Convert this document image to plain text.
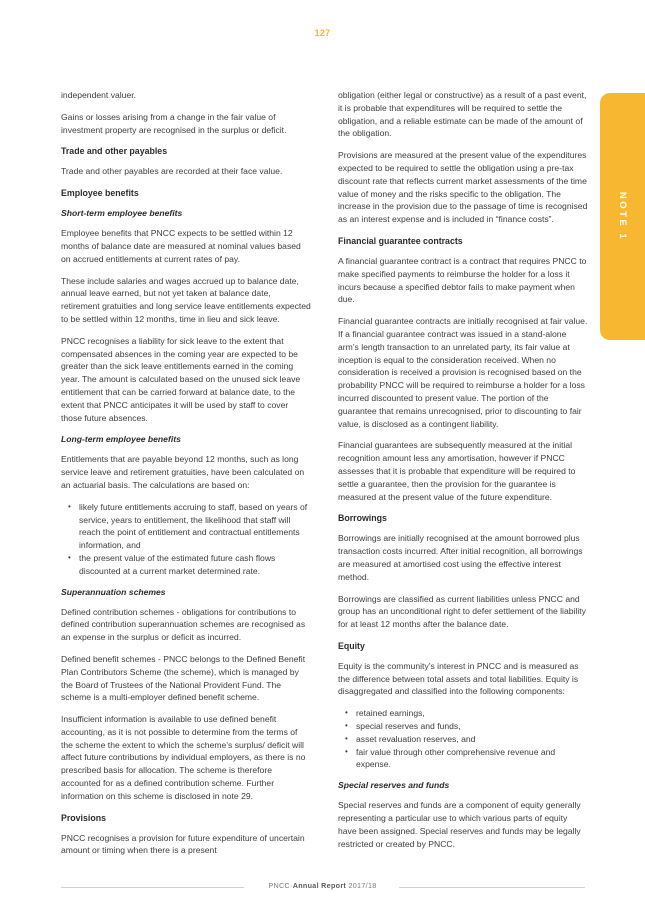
127
NOTE 1

independent valuer.

Gains or losses arising from a change in the fair value of investment property are recognised in the surplus or deficit.

Trade and other payables

Trade and other payables are recorded at their face value.

Employee benefits
Short-term employee benefits

Employee benefits that PNCC expects to be settled within 12 months of balance date are measured at nominal values based on accrued entitlements at current rates of pay.

These include salaries and wages accrued up to balance date, annual leave earned, but not yet taken at balance date, retirement gratuities and long service leave entitlements expected to be settled within 12 months, time in lieu and sick leave.

PNCC recognises a liability for sick leave to the extent that compensated absences in the coming year are expected to be greater than the sick leave entitlements earned in the coming year. The amount is calculated based on the unused sick leave entitlement that can be carried forward at balance date, to the extent that PNCC anticipates it will be used by staff to cover those future absences.

Long-term employee benefits

Entitlements that are payable beyond 12 months, such as long service leave and retirement gratuities, have been calculated on an actuarial basis. The calculations are based on:

• likely future entitlements accruing to staff, based on years of service, years to entitlement, the likelihood that staff will reach the point of entitlement and contractual entitlements information, and
• the present value of the estimated future cash flows discounted at a current market determined rate.
Superannuation schemes

Defined contribution schemes - obligations for contributions to defined contribution superannuation schemes are recognised as an expense in the surplus or deficit as incurred.

Defined benefit schemes - PNCC belongs to the Defined Benefit Plan Contributors Scheme (the scheme), which is managed by the Board of Trustees of the National Provident Fund. The scheme is a multi-employer defined benefit scheme.

Insufficient information is available to use defined benefit accounting, as it is not possible to determine from the terms of the scheme the extent to which the scheme’s surplus/ deficit will affect future contributions by individual employers, as there is no prescribed basis for allocation. The scheme is therefore accounted for as a defined contribution scheme. Further information on this scheme is disclosed in note 29.

Provisions

PNCC recognises a provision for future expenditure of uncertain amount or timing when there is a present

obligation (either legal or constructive) as a result of a past event, it is probable that expenditures will be required to settle the obligation, and a reliable estimate can be made of the amount of the obligation.

Provisions are measured at the present value of the expenditures expected to be required to settle the obligation using a pre-tax discount rate that reflects current market assessments of the time value of money and the risks specific to the obligation. The increase in the provision due to the passage of time is recognised as an interest expense and is included in “finance costs”.

Financial guarantee contracts

A financial guarantee contract is a contract that requires PNCC to make specified payments to reimburse the holder for a loss it incurs because a specified debtor fails to make payment when due.

Financial guarantee contracts are initially recognised at fair value. If a financial guarantee contract was issued in a stand-alone arm’s length transaction to an unrelated party, its fair value at inception is equal to the consideration received. When no consideration is received a provision is recognised based on the probability PNCC will be required to reimburse a holder for a loss incurred discounted to present value. The portion of the guarantee that remains unrecognised, prior to discounting to fair value, is disclosed as a contingent liability.

Financial guarantees are subsequently measured at the initial recognition amount less any amortisation, however if PNCC assesses that it is probable that expenditure will be required to settle a guarantee, then the provision for the guarantee is measured at the present value of the future expenditure.

Borrowings

Borrowings are initially recognised at the amount borrowed plus transaction costs incurred. After initial recognition, all borrowings are measured at amortised cost using the effective interest method.

Borrowings are classified as current liabilities unless PNCC and group has an unconditional right to defer settlement of the liability for at least 12 months after the balance date.

Equity

Equity is the community’s interest in PNCC and is measured as the difference between total assets and total liabilities. Equity is disaggregated and classified into the following components:

• retained earnings,
• special reserves and funds,
• asset revaluation reserves, and
• fair value through other comprehensive revenue and expense.
Special reserves and funds

Special reserves and funds are a component of equity generally representing a particular use to which various parts of equity have been assigned. Special reserves and funds may be legally restricted or created by PNCC.

PNCC·Annual Report 2017/18
